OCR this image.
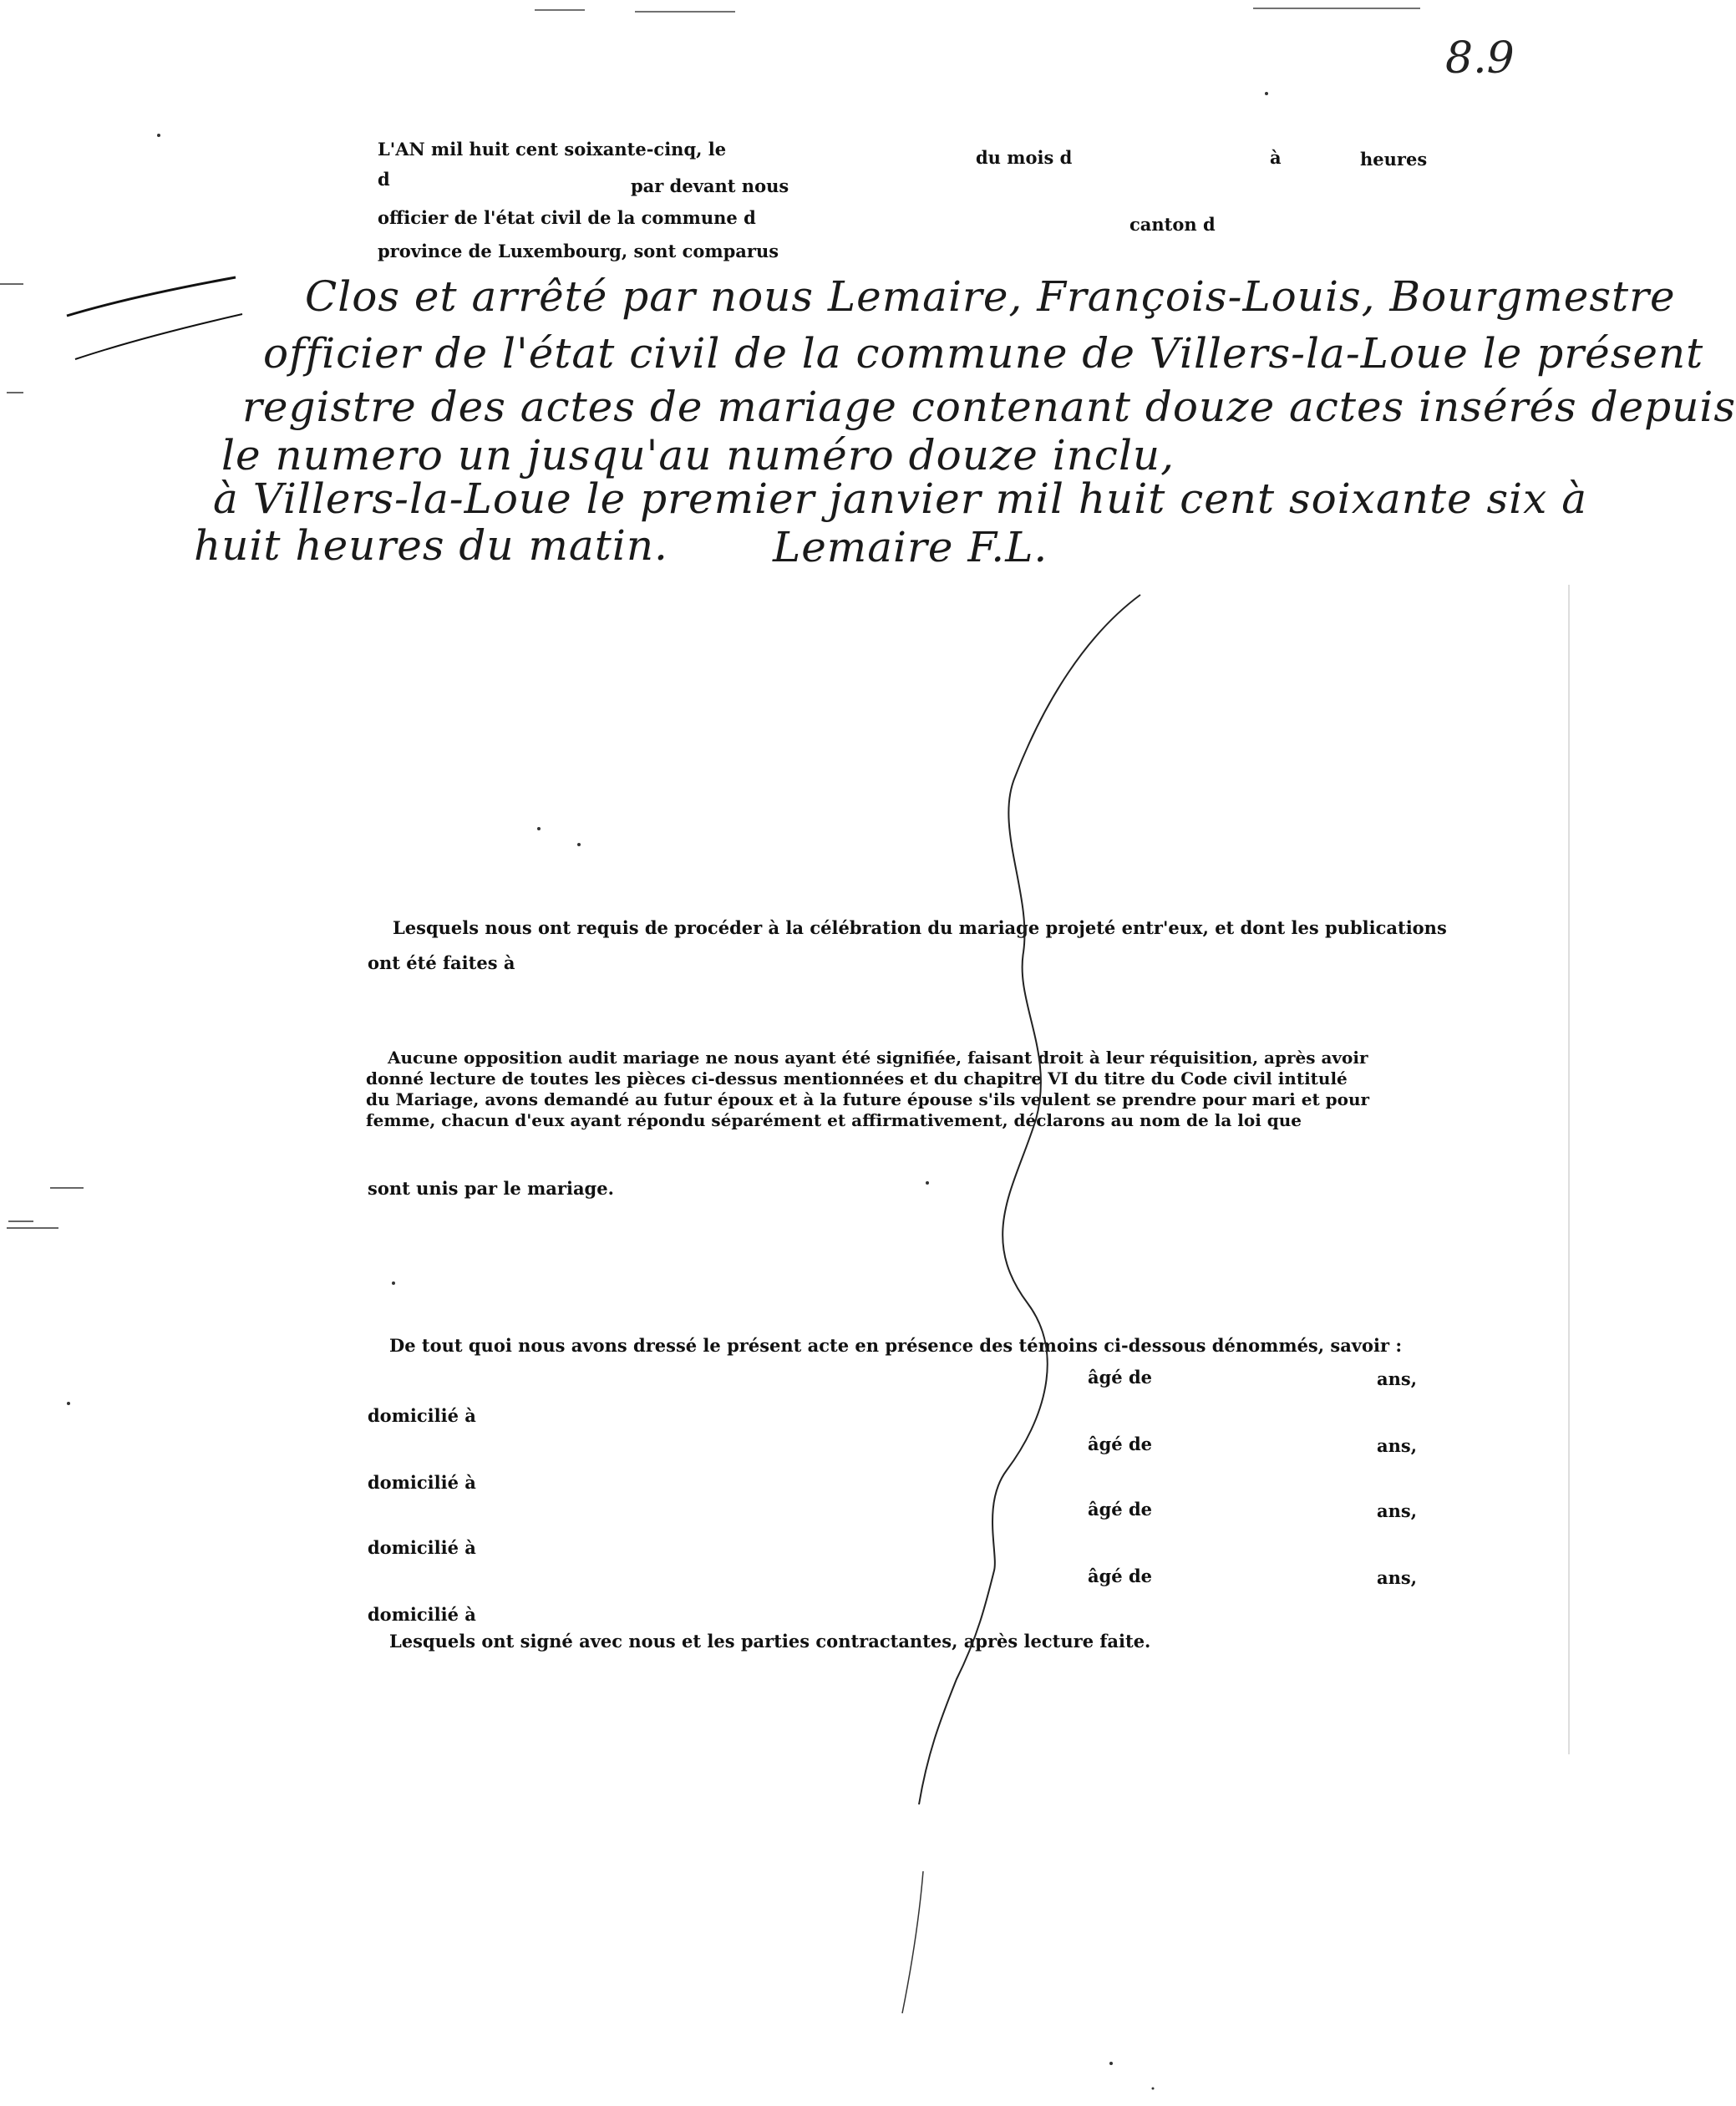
8.9
L'AN mil huit cent soixante-cinq, le	du mois d	à	heures
d	par devant nous
officier de l'état civil de la commune d	canton d
province de Luxembourg, sont comparus
Clos et arrêté par nous Lemaire, François-Louis, Bourgmestre
officier de l'état civil de la commune de Villers-la-Loue le présent
registre des actes de mariage contenant douze actes insérés depuis
le numero un jusqu'au numéro douze inclu,
à Villers-la-Loue le premier janvier mil huit cent soixante six à
huit heures du matin.	Lemaire F.L.
Lesquels nous ont requis de procéder à la célébration du mariage projeté entr'eux, et dont les publications
ont été faites à
Aucune opposition audit mariage ne nous ayant été signifiée, faisant droit à leur réquisition, après avoir
donné lecture de toutes les pièces ci-dessus mentionnées et du chapitre VI du titre du Code civil intitulé
du Mariage, avons demandé au futur époux et à la future épouse s'ils veulent se prendre pour mari et pour
femme, chacun d'eux ayant répondu séparément et affirmativement, déclarons au nom de la loi que
sont unis par le mariage.
De tout quoi nous avons dressé le présent acte en présence des témoins ci-dessous dénommés, savoir :
âgé de	ans,
domicilié à
âgé de	ans,
domicilié à
âgé de	ans,
domicilié à
âgé de	ans,
domicilié à
Lesquels ont signé avec nous et les parties contractantes, après lecture faite.
